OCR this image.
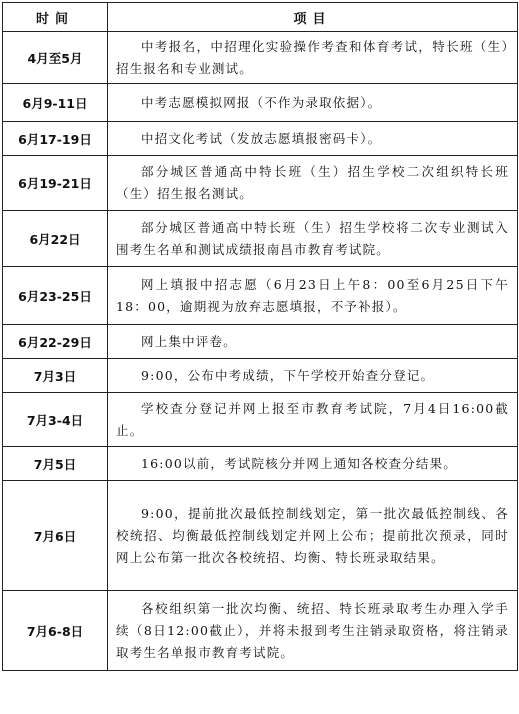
时间	项目
4月至5月	中考报名，中招理化实验操作考查和体育考试，特长班（生）招生报名和专业测试。
6月9-11日	中考志愿模拟网报（不作为录取依据）。
6月17-19日	中招文化考试（发放志愿填报密码卡）。
6月19-21日	部分城区普通高中特长班（生）招生学校二次组织特长班（生）招生报名测试。
6月22日	部分城区普通高中特长班（生）招生学校将二次专业测试入围考生名单和测试成绩报南昌市教育考试院。
6月23-25日	网上填报中招志愿（6月23日上午8：00至6月25日下午18：00，逾期视为放弃志愿填报，不予补报）。
6月22-29日	网上集中评卷。
7月3日	9:00，公布中考成绩，下午学校开始查分登记。
7月3-4日	学校查分登记并网上报至市教育考试院，7月4日16:00截止。
7月5日	16:00以前，考试院核分并网上通知各校查分结果。
7月6日	9:00，提前批次最低控制线划定，第一批次最低控制线、各校统招、均衡最低控制线划定并网上公布；提前批次预录，同时网上公布第一批次各校统招、均衡、特长班录取结果。
7月6-8日	各校组织第一批次均衡、统招、特长班录取考生办理入学手续（8日12:00截止），并将未报到考生注销录取资格，将注销录取考生名单报市教育考试院。
